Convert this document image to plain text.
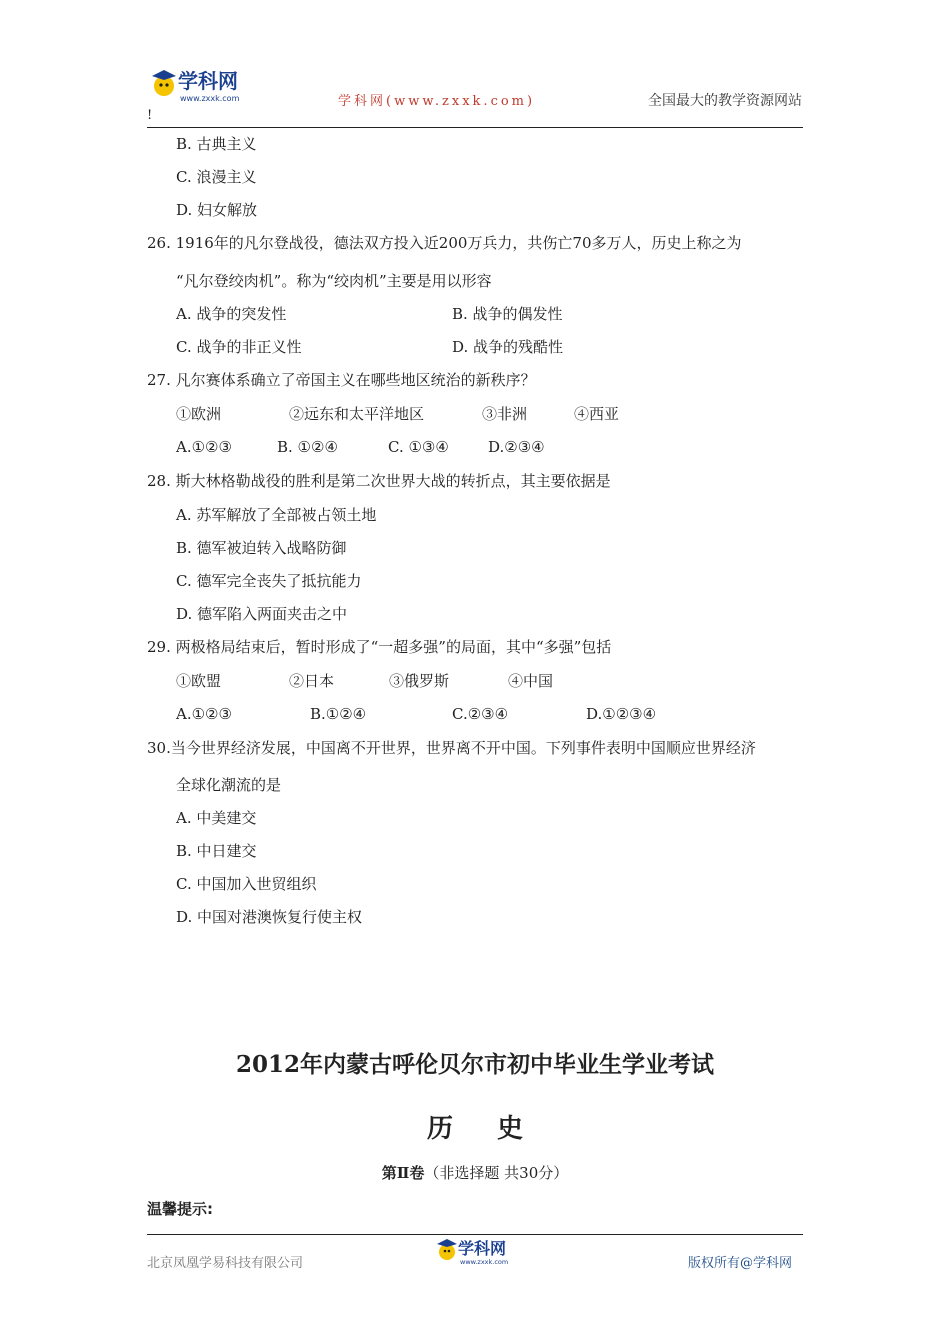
学科网
www.zxxk.com	学科网(www.zxxk.com)	全国最大的教学资源网站
!
B. 古典主义
C. 浪漫主义
D. 妇女解放
26. 1916年的凡尔登战役，德法双方投入近200万兵力，共伤亡70多万人，历史上称之为
“凡尔登绞肉机”。称为“绞肉机”主要是用以形容
A. 战争的突发性	B. 战争的偶发性
C. 战争的非正义性	D. 战争的残酷性
27. 凡尔赛体系确立了帝国主义在哪些地区统治的新秩序？
①欧洲	②远东和太平洋地区	③非洲	④西亚
A.①②③	B. ①②④	C. ①③④	D.②③④
28. 斯大林格勒战役的胜利是第二次世界大战的转折点，其主要依据是
A. 苏军解放了全部被占领土地
B. 德军被迫转入战略防御
C. 德军完全丧失了抵抗能力
D. 德军陷入两面夹击之中
29. 两极格局结束后，暂时形成了“一超多强”的局面，其中“多强”包括
①欧盟	②日本	③俄罗斯	④中国
A.①②③	B.①②④	C.②③④	D.①②③④
30.当今世界经济发展，中国离不开世界，世界离不开中国。下列事件表明中国顺应世界经济
全球化潮流的是
A. 中美建交
B. 中日建交
C. 中国加入世贸组织
D. 中国对港澳恢复行使主权
2012年内蒙古呼伦贝尔市初中毕业生学业考试
历史
第Ⅱ卷（非选择题 共30分）
温馨提示:
北京凤凰学易科技有限公司
学科网
www.zxxk.com	版权所有@学科网
